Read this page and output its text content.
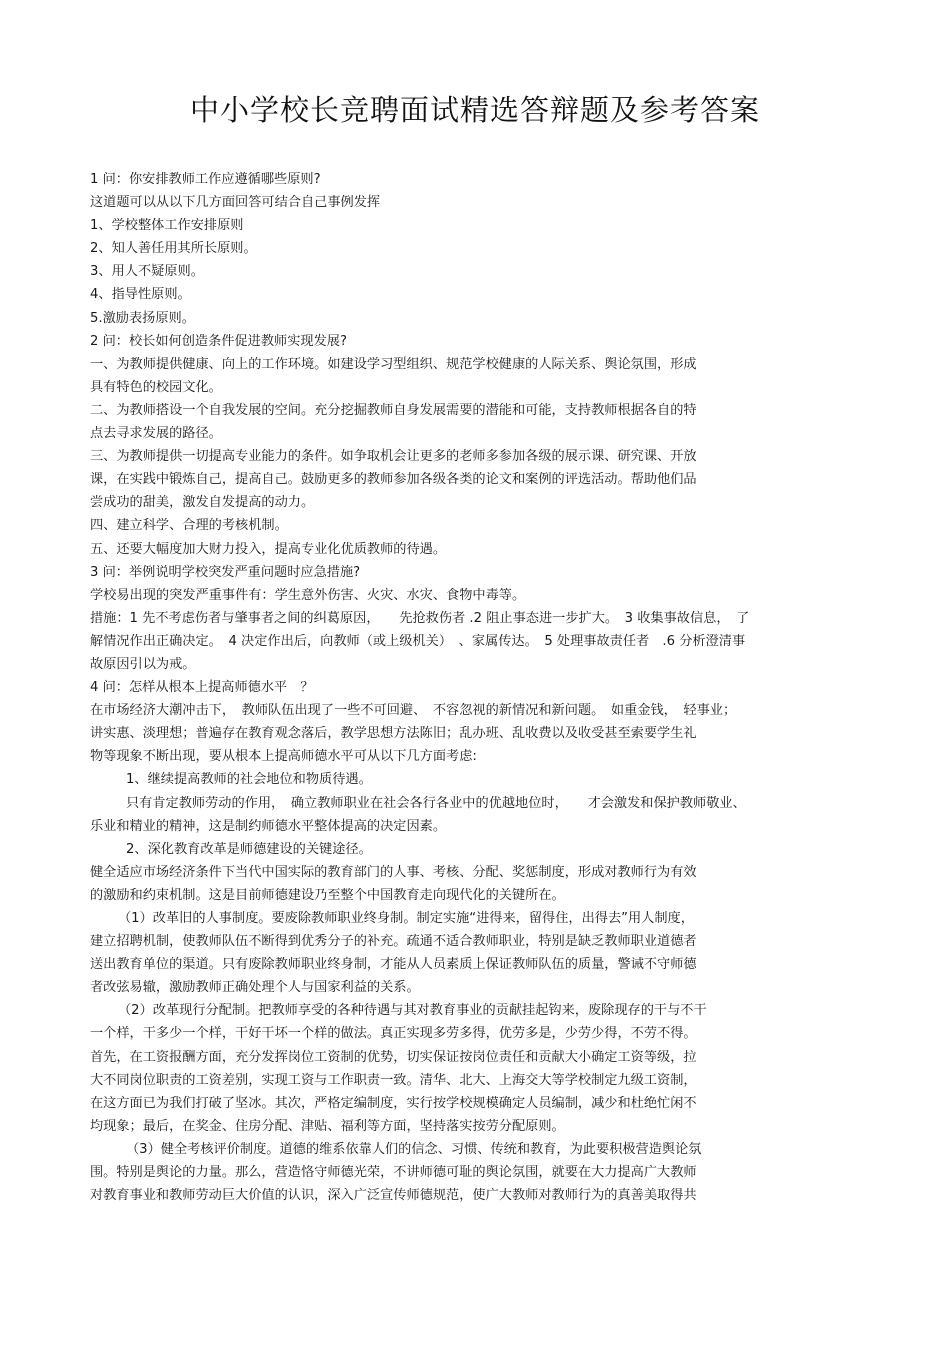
中小学校长竞聘面试精选答辩题及参考答案
1 问：你安排教师工作应遵循哪些原则?
这道题可以从以下几方面回答可结合自己事例发挥
1、学校整体工作安排原则
2、知人善任用其所长原则。
3、用人不疑原则。
4、指导性原则。
5.激励表扬原则。
2 问：校长如何创造条件促进教师实现发展?
一、为教师提供健康、向上的工作环境。如建设学习型组织、规范学校健康的人际关系、舆论氛围，形成
具有特色的校园文化。
二、为教师搭设一个自我发展的空间。充分挖掘教师自身发展需要的潜能和可能，支持教师根据各自的特
点去寻求发展的路径。
三、为教师提供一切提高专业能力的条件。如争取机会让更多的老师多参加各级的展示课、研究课、开放
课，在实践中锻炼自己，提高自己。鼓励更多的教师参加各级各类的论文和案例的评选活动。帮助他们品
尝成功的甜美，激发自发提高的动力。
四、建立科学、合理的考核机制。
五、还要大幅度加大财力投入，提高专业化优质教师的待遇。
3 问：举例说明学校突发严重问题时应急措施?
学校易出现的突发严重事件有：学生意外伤害、火灾、水灾、食物中毒等。
措施：1 先不考虑伤者与肇事者之间的纠葛原因，　　先抢救伤者 .2 阻止事态进一步扩大。　3 收集事故信息，　了
解情况作出正确决定。　4 决定作出后，向教师（或上级机关）　、家属传达。　5 处理事故责任者　.6 分析澄清事
故原因引以为戒。
4 问：怎样从根本上提高师德水平　？
在市场经济大潮冲击下，　教师队伍出现了一些不可回避、　不容忽视的新情况和新问题。　如重金钱，　轻事业；
讲实惠、淡理想；普遍存在教育观念落后，教学思想方法陈旧；乱办班、乱收费以及收受甚至索要学生礼
物等现象不断出现，要从根本上提高师德水平可从以下几方面考虑:
1、继续提高教师的社会地位和物质待遇。
只有肯定教师劳动的作用，　确立教师职业在社会各行各业中的优越地位时，　　才会激发和保护教师敬业、
乐业和精业的精神，这是制约师德水平整体提高的决定因素。
2、深化教育改革是师德建设的关键途径。
健全适应市场经济条件下当代中国实际的教育部门的人事、考核、分配、奖惩制度，形成对教师行为有效
的激励和约束机制。这是目前师德建设乃至整个中国教育走向现代化的关键所在。
（1）改革旧的人事制度。要废除教师职业终身制。制定实施“进得来，留得住，出得去”用人制度，
建立招聘机制，使教师队伍不断得到优秀分子的补充。疏通不适合教师职业，特别是缺乏教师职业道德者
送出教育单位的渠道。只有废除教师职业终身制，才能从人员素质上保证教师队伍的质量，警诫不守师德
者改弦易辙，激励教师正确处理个人与国家利益的关系。
（2）改革现行分配制。把教师享受的各种待遇与其对教育事业的贡献挂起钩来，废除现存的干与不干
一个样，干多少一个样，干好干坏一个样的做法。真正实现多劳多得，优劳多是，少劳少得，不劳不得。
首先，在工资报酬方面，充分发挥岗位工资制的优势，切实保证按岗位责任和贡献大小确定工资等级，拉
大不同岗位职责的工资差别，实现工资与工作职责一致。清华、北大、上海交大等学校制定九级工资制，
在这方面已为我们打破了坚冰。其次，严格定编制度，实行按学校规模确定人员编制，减少和杜绝忙闲不
均现象；最后，在奖金、住房分配、津贴、福利等方面，坚持落实按劳分配原则。
（3）健全考核评价制度。道德的维系依靠人们的信念、习惯、传统和教育，为此要积极营造舆论氛
围。特别是舆论的力量。那么，营造恪守师德光荣，不讲师德可耻的舆论氛围，就要在大力提高广大教师
对教育事业和教师劳动巨大价值的认识，深入广泛宣传师德规范，使广大教师对教师行为的真善美取得共
